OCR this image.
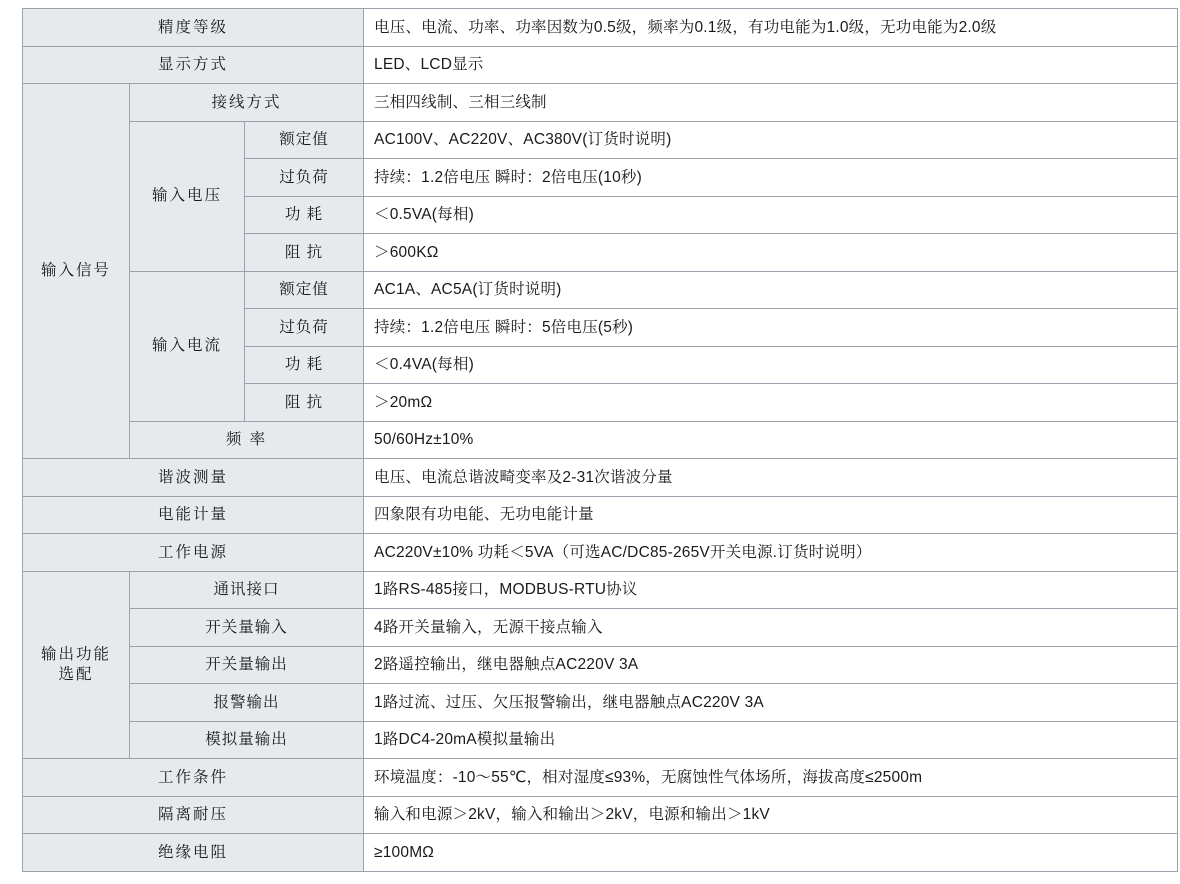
精度等级			电压、电流、功率、功率因数为0.5级，频率为0.1级，有功电能为1.0级，无功电能为2.0级
显示方式			LED、LCD显示
输入信号	接线方式		三相四线制、三相三线制
	输入电压	额定值	AC100V、AC220V、AC380V(订货时说明)
		过负荷	持续：1.2倍电压 瞬时：2倍电压(10秒)
		功 耗	＜0.5VA(每相)
		阻 抗	＞600KΩ
	输入电流	额定值	AC1A、AC5A(订货时说明)
		过负荷	持续：1.2倍电压 瞬时：5倍电压(5秒)
		功 耗	＜0.4VA(每相)
		阻 抗	＞20mΩ
	频 率		50/60Hz±10%
谐波测量			电压、电流总谐波畸变率及2-31次谐波分量
电能计量			四象限有功电能、无功电能计量
工作电源			AC220V±10% 功耗＜5VA（可选AC/DC85-265V开关电源.订货时说明）

输出功能
选配	通讯接口		1路RS-485接口，MODBUS-RTU协议
	开关量输入		4路开关量输入，无源干接点输入
	开关量输出		2路遥控输出，继电器触点AC220V 3A
	报警输出		1路过流、过压、欠压报警输出，继电器触点AC220V 3A
	模拟量输出		1路DC4-20mA模拟量输出
工作条件			环境温度：-10～55℃，相对湿度≤93%，无腐蚀性气体场所，海拔高度≤2500m
隔离耐压			输入和电源＞2kV，输入和输出＞2kV，电源和输出＞1kV
绝缘电阻			≥100MΩ
